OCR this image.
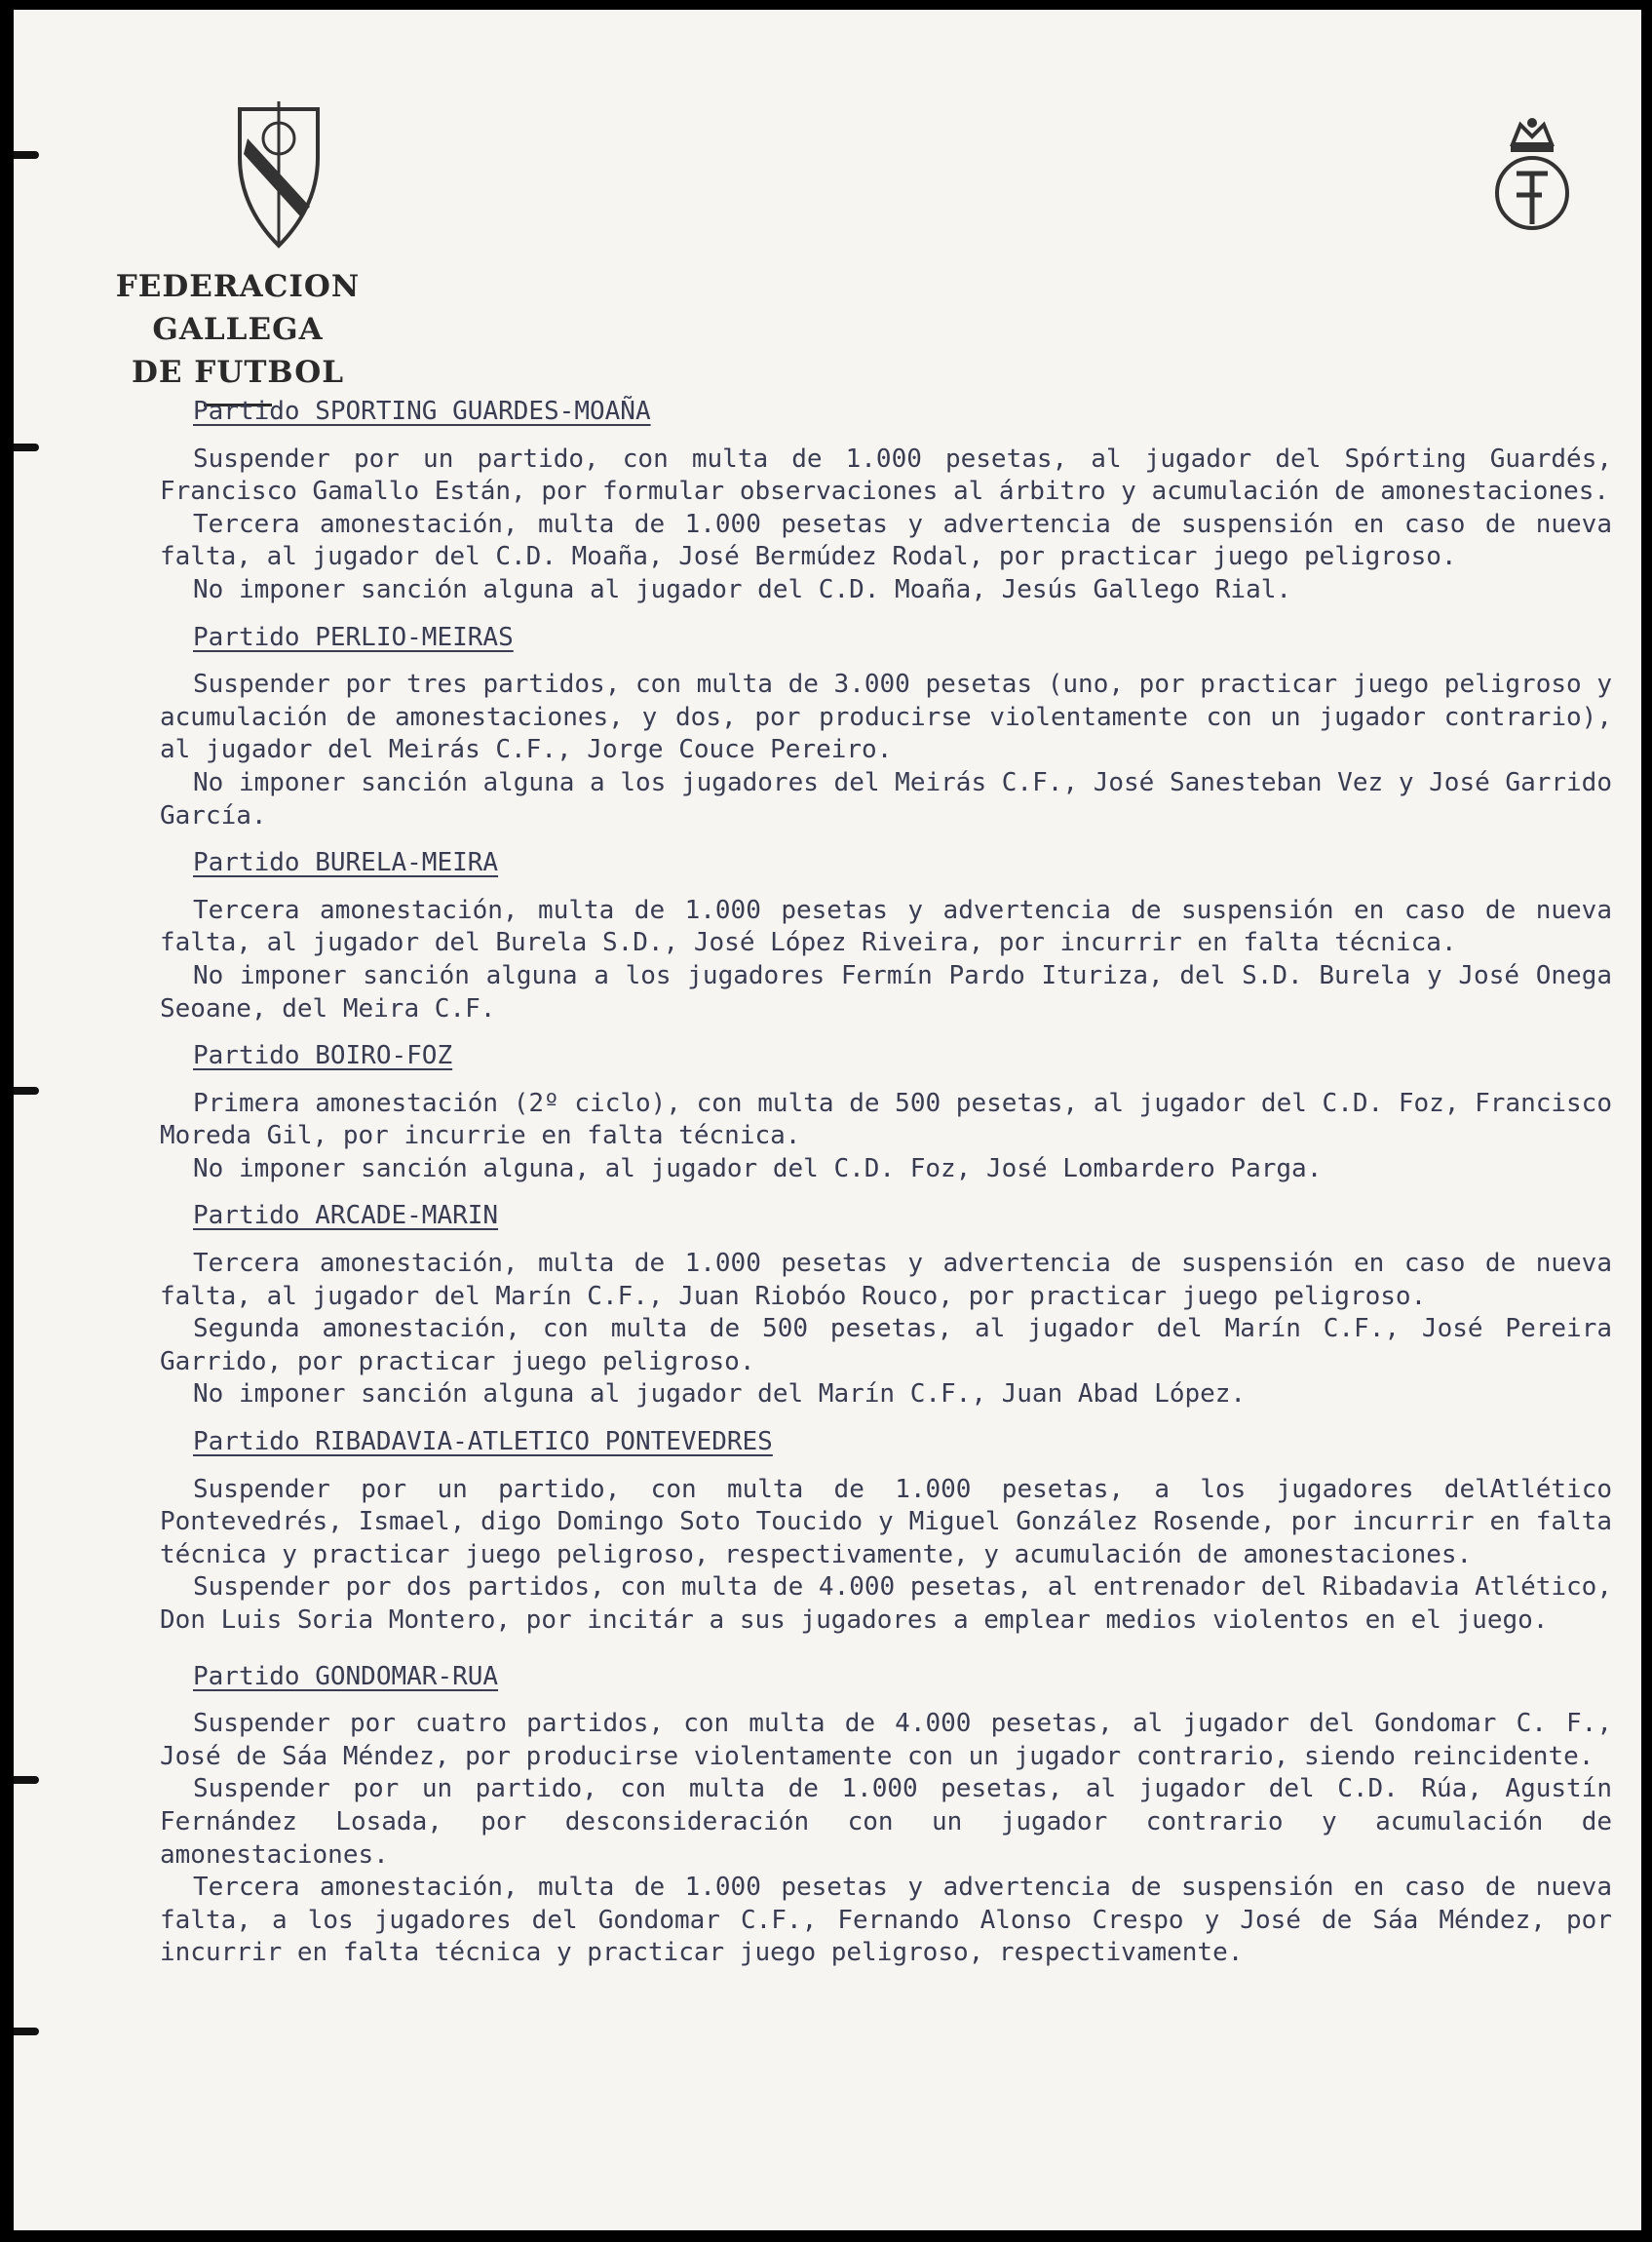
FEDERACION GALLEGA
DE FUTBOL
Partido SPORTING GUARDES-MOAÑA

Suspender por un partido, con multa de 1.000 pesetas, al jugador del Spórting Guardés, Francisco Gamallo Están, por formular observaciones al árbitro y acumulación de amonestaciones.

Tercera amonestación, multa de 1.000 pesetas y advertencia de suspensión en caso de nueva falta, al jugador del C.D. Moaña, José Bermúdez Rodal, por practicar juego peligroso.

No imponer sanción alguna al jugador del C.D. Moaña, Jesús Gallego Rial.

Partido PERLIO-MEIRAS

Suspender por tres partidos, con multa de 3.000 pesetas (uno, por practicar juego peligroso y acumulación de amonestaciones, y dos, por producirse violentamente con un jugador contrario), al jugador del Meirás C.F., Jorge Couce Pereiro.

No imponer sanción alguna a los jugadores del Meirás C.F., José Sanesteban Vez y José Garrido García.

Partido BURELA-MEIRA

Tercera amonestación, multa de 1.000 pesetas y advertencia de suspensión en caso de nueva falta, al jugador del Burela S.D., José López Riveira, por incurrir en falta técnica.

No imponer sanción alguna a los jugadores Fermín Pardo Ituriza, del S.D. Burela y José Onega Seoane, del Meira C.F.

Partido BOIRO-FOZ

Primera amonestación (2º ciclo), con multa de 500 pesetas, al jugador del C.D. Foz, Francisco Moreda Gil, por incurrie en falta técnica.

No imponer sanción alguna, al jugador del C.D. Foz, José Lombardero Parga.

Partido ARCADE-MARIN

Tercera amonestación, multa de 1.000 pesetas y advertencia de suspensión en caso de nueva falta, al jugador del Marín C.F., Juan Riobóo Rouco, por practicar juego peligroso.

Segunda amonestación, con multa de 500 pesetas, al jugador del Marín C.F., José Pereira Garrido, por practicar juego peligroso.

No imponer sanción alguna al jugador del Marín C.F., Juan Abad López.

Partido RIBADAVIA-ATLETICO PONTEVEDRES

Suspender por un partido, con multa de 1.000 pesetas, a los jugadores delAtlético Pontevedrés, Ismael, digo Domingo Soto Toucido y Miguel González Rosende, por incurrir en falta técnica y practicar juego peligroso, respectivamente, y acumulación de amonestaciones.

Suspender por dos partidos, con multa de 4.000 pesetas, al entrenador del Ribadavia Atlético, Don Luis Soria Montero, por incitár a sus jugadores a emplear medios violentos en el juego.

Partido GONDOMAR-RUA

Suspender por cuatro partidos, con multa de 4.000 pesetas, al jugador del Gondomar C. F., José de Sáa Méndez, por producirse violentamente con un jugador contrario, siendo reincidente.

Suspender por un partido, con multa de 1.000 pesetas, al jugador del C.D. Rúa, Agustín Fernández Losada, por desconsideración con un jugador contrario y acumulación de amonestaciones.

Tercera amonestación, multa de 1.000 pesetas y advertencia de suspensión en caso de nueva falta, a los jugadores del Gondomar C.F., Fernando Alonso Crespo y José de Sáa Méndez, por incurrir en falta técnica y practicar juego peligroso, respectivamente.
